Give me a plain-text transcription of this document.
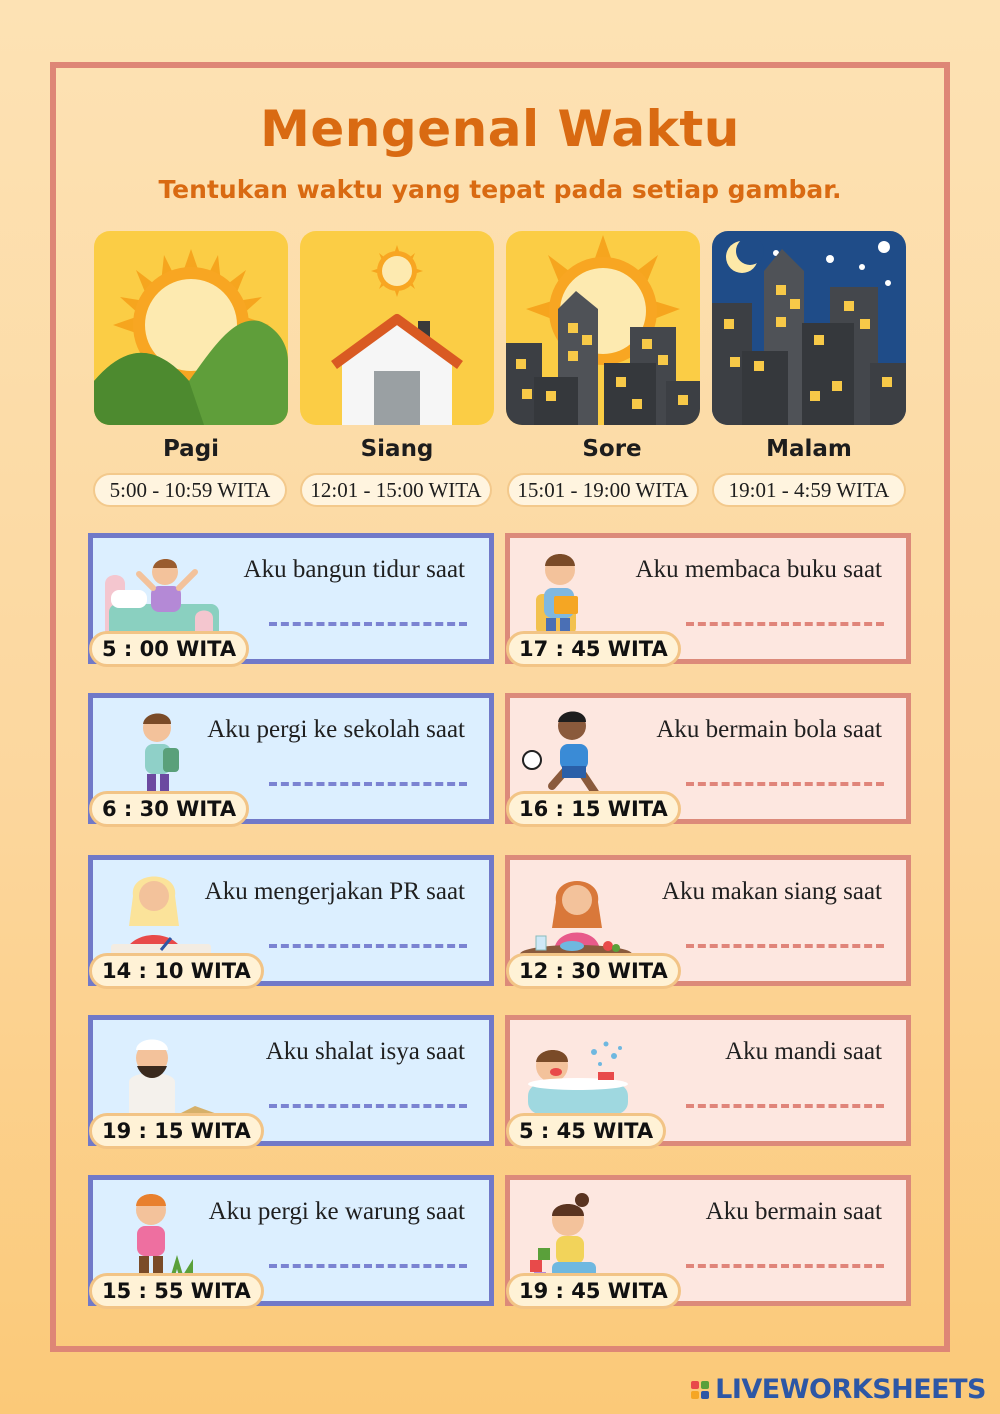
Mengenal Waktu
Tentukan waktu yang tepat pada setiap gambar.
Pagi	Siang	Sore	Malam
5:00 - 10:59 WITA	12:01 - 15:00 WITA	15:01 - 19:00 WITA	19:01 - 4:59 WITA
Aku bangun tidur saat
5 : 00 WITA
Aku membaca buku saat
17 : 45 WITA
Aku pergi ke sekolah saat
6 : 30 WITA
Aku bermain bola saat
16 : 15 WITA
Aku mengerjakan PR saat
14 : 10 WITA
Aku makan siang saat
12 : 30 WITA
Aku shalat isya saat
19 : 15 WITA
Aku mandi saat
5 : 45 WITA
Aku pergi ke warung saat
15 : 55 WITA
Aku bermain saat
19 : 45 WITA
LIVEWORKSHEETS
